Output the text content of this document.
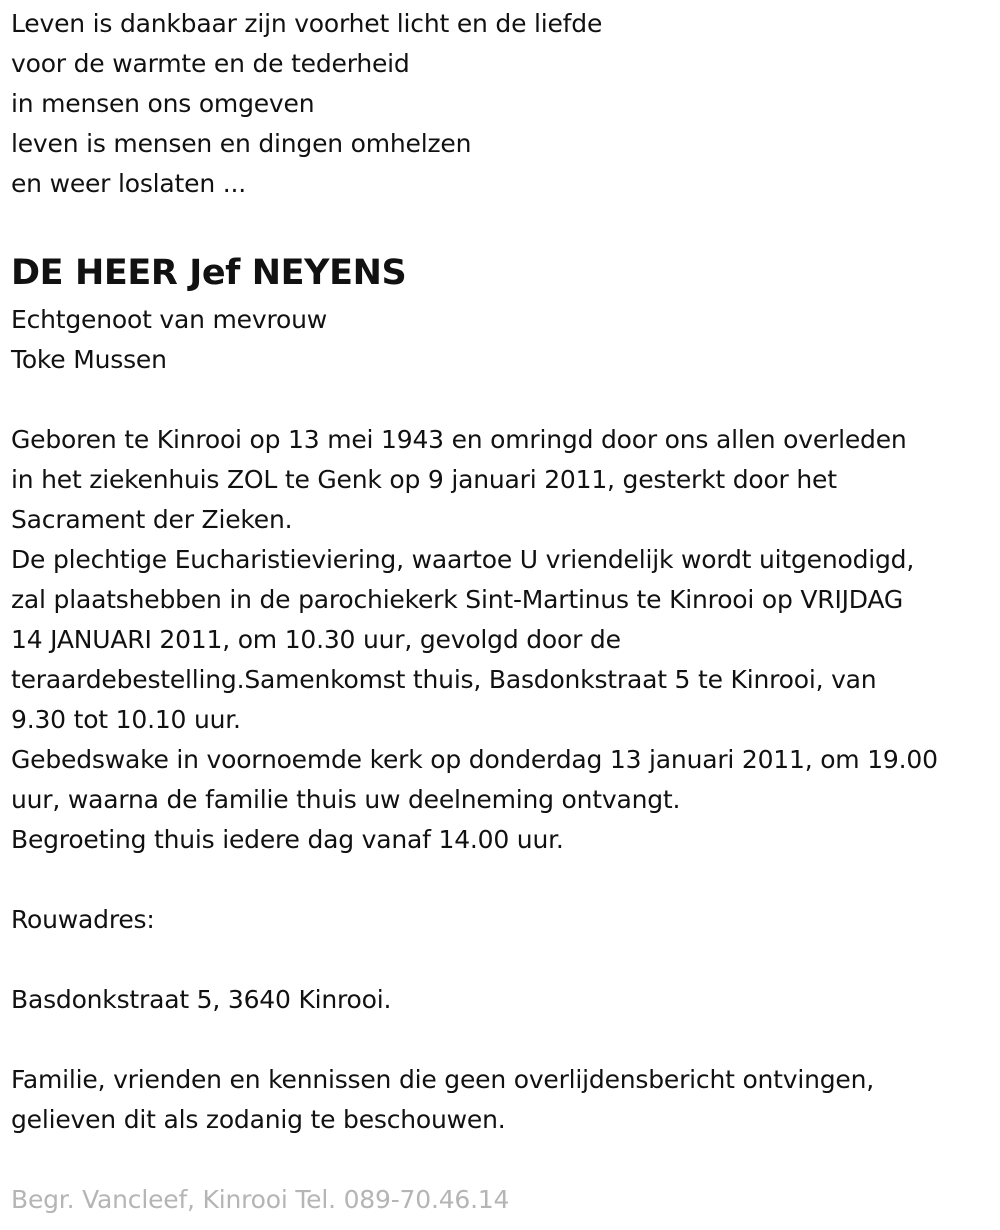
Leven is dankbaar zijn voorhet licht en de liefde
voor de warmte en de tederheid
in mensen ons omgeven
leven is mensen en dingen omhelzen
en weer loslaten ...
DE HEER Jef NEYENS
Echtgenoot van mevrouw
Toke Mussen
Geboren te Kinrooi op 13 mei 1943 en omringd door ons allen overleden
in het ziekenhuis ZOL te Genk op 9 januari 2011, gesterkt door het
Sacrament der Zieken.
De plechtige Eucharistieviering, waartoe U vriendelijk wordt uitgenodigd,
zal plaatshebben in de parochiekerk Sint-Martinus te Kinrooi op VRIJDAG
14 JANUARI 2011, om 10.30 uur, gevolgd door de
teraardebestelling.Samenkomst thuis, Basdonkstraat 5 te Kinrooi, van
9.30 tot 10.10 uur.
Gebedswake in voornoemde kerk op donderdag 13 januari 2011, om 19.00
uur, waarna de familie thuis uw deelneming ontvangt.
Begroeting thuis iedere dag vanaf 14.00 uur.
Rouwadres:
Basdonkstraat 5, 3640 Kinrooi.
Familie, vrienden en kennissen die geen overlijdensbericht ontvingen,
gelieven dit als zodanig te beschouwen.
Begr. Vancleef, Kinrooi Tel. 089-70.46.14
